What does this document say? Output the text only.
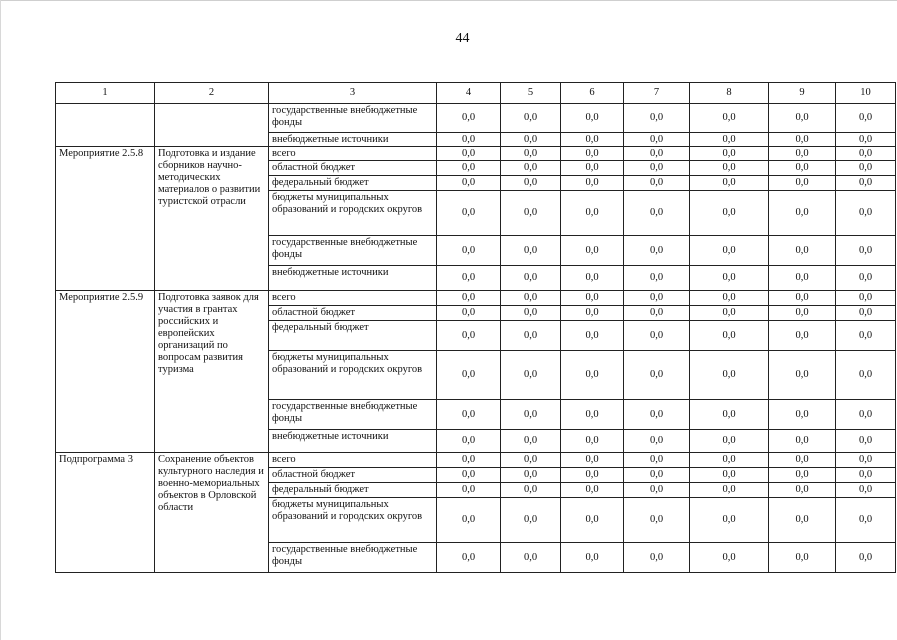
44
1	2	3	4	5	6	7	8	9	10
		государственные внебюджетные фонды	0,0	0,0	0,0	0,0	0,0	0,0	0,0
		внебюджетные источники	0,0	0,0	0,0	0,0	0,0	0,0	0,0
Мероприятие 2.5.8	Подготовка и издание сборников научно-методических материалов о развитии туристской отрасли	всего	0,0	0,0	0,0	0,0	0,0	0,0	0,0
		областной бюджет	0,0	0,0	0,0	0,0	0,0	0,0	0,0
		федеральный бюджет	0,0	0,0	0,0	0,0	0,0	0,0	0,0
		бюджеты муниципальных образований и городских округов	0,0	0,0	0,0	0,0	0,0	0,0	0,0
		государственные внебюджетные фонды	0,0	0,0	0,0	0,0	0,0	0,0	0,0
		внебюджетные источники	0,0	0,0	0,0	0,0	0,0	0,0	0,0
Мероприятие 2.5.9	Подготовка заявок для участия в грантах российских и европейских организаций по вопросам развития туризма	всего	0,0	0,0	0,0	0,0	0,0	0,0	0,0
		областной бюджет	0,0	0,0	0,0	0,0	0,0	0,0	0,0
		федеральный бюджет	0,0	0,0	0,0	0,0	0,0	0,0	0,0
		бюджеты муниципальных образований и городских округов	0,0	0,0	0,0	0,0	0,0	0,0	0,0
		государственные внебюджетные фонды	0,0	0,0	0,0	0,0	0,0	0,0	0,0
		внебюджетные источники	0,0	0,0	0,0	0,0	0,0	0,0	0,0
Подпрограмма 3	Сохранение объектов культурного наследия и военно-мемориальных объектов в Орловской области	всего	0,0	0,0	0,0	0,0	0,0	0,0	0,0
		областной бюджет	0,0	0,0	0,0	0,0	0,0	0,0	0,0
		федеральный бюджет	0,0	0,0	0,0	0,0	0,0	0,0	0,0
		бюджеты муниципальных образований и городских округов	0,0	0,0	0,0	0,0	0,0	0,0	0,0
		государственные внебюджетные фонды	0,0	0,0	0,0	0,0	0,0	0,0	0,0
